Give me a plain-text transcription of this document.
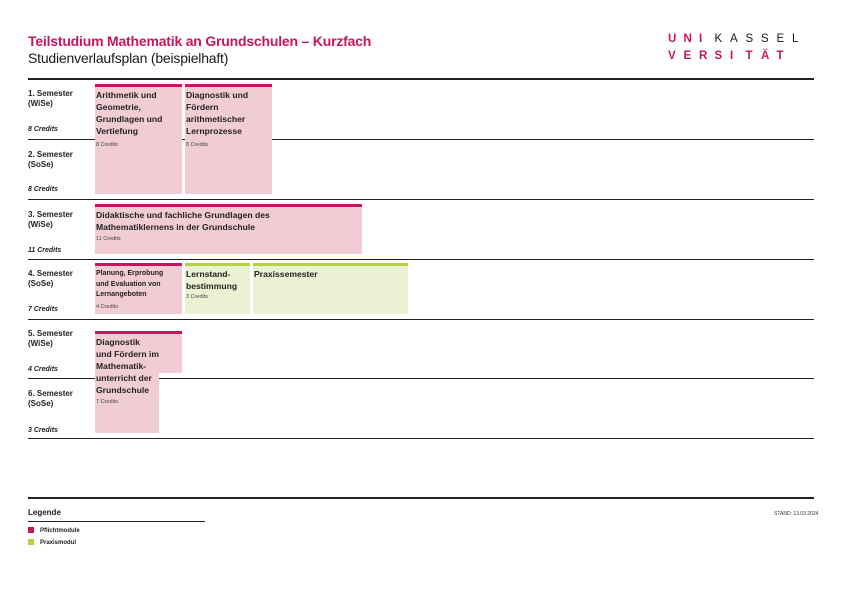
Teilstudium Mathematik an Grundschulen – Kurzfach
Studienverlaufsplan (beispielhaft)
U N I	K A S S E L
V E R S I	T Ä T
1. Semester
(WiSe)
8 Credits
2. Semester
(SoSe)
8 Credits
3. Semester
(WiSe)
11 Credits
4. Semester
(SoSe)
7 Credits
5. Semester
(WiSe)
4 Credits
6. Semester
(SoSe)
3 Credits
Arithmetik und
Geometrie,
Grundlagen und
Vertiefung
8 Credits
Diagnostik und
Fördern
arithmetischer
Lernprozesse
8 Credits
Didaktische und fachliche Grundlagen des
Mathematiklernens in der Grundschule
11 Credits
Planung, Erprobung
und Evaluation von
Lernangeboten
4 Credits
Lernstand-
bestimmung
3 Credits
Praxissemester
Diagnostik
und Fördern im
Mathematik-
unterricht der
Grundschule
7 Credits
Legende
Pflichtmodule
Praxismodul
STAND: 13.03.2024
